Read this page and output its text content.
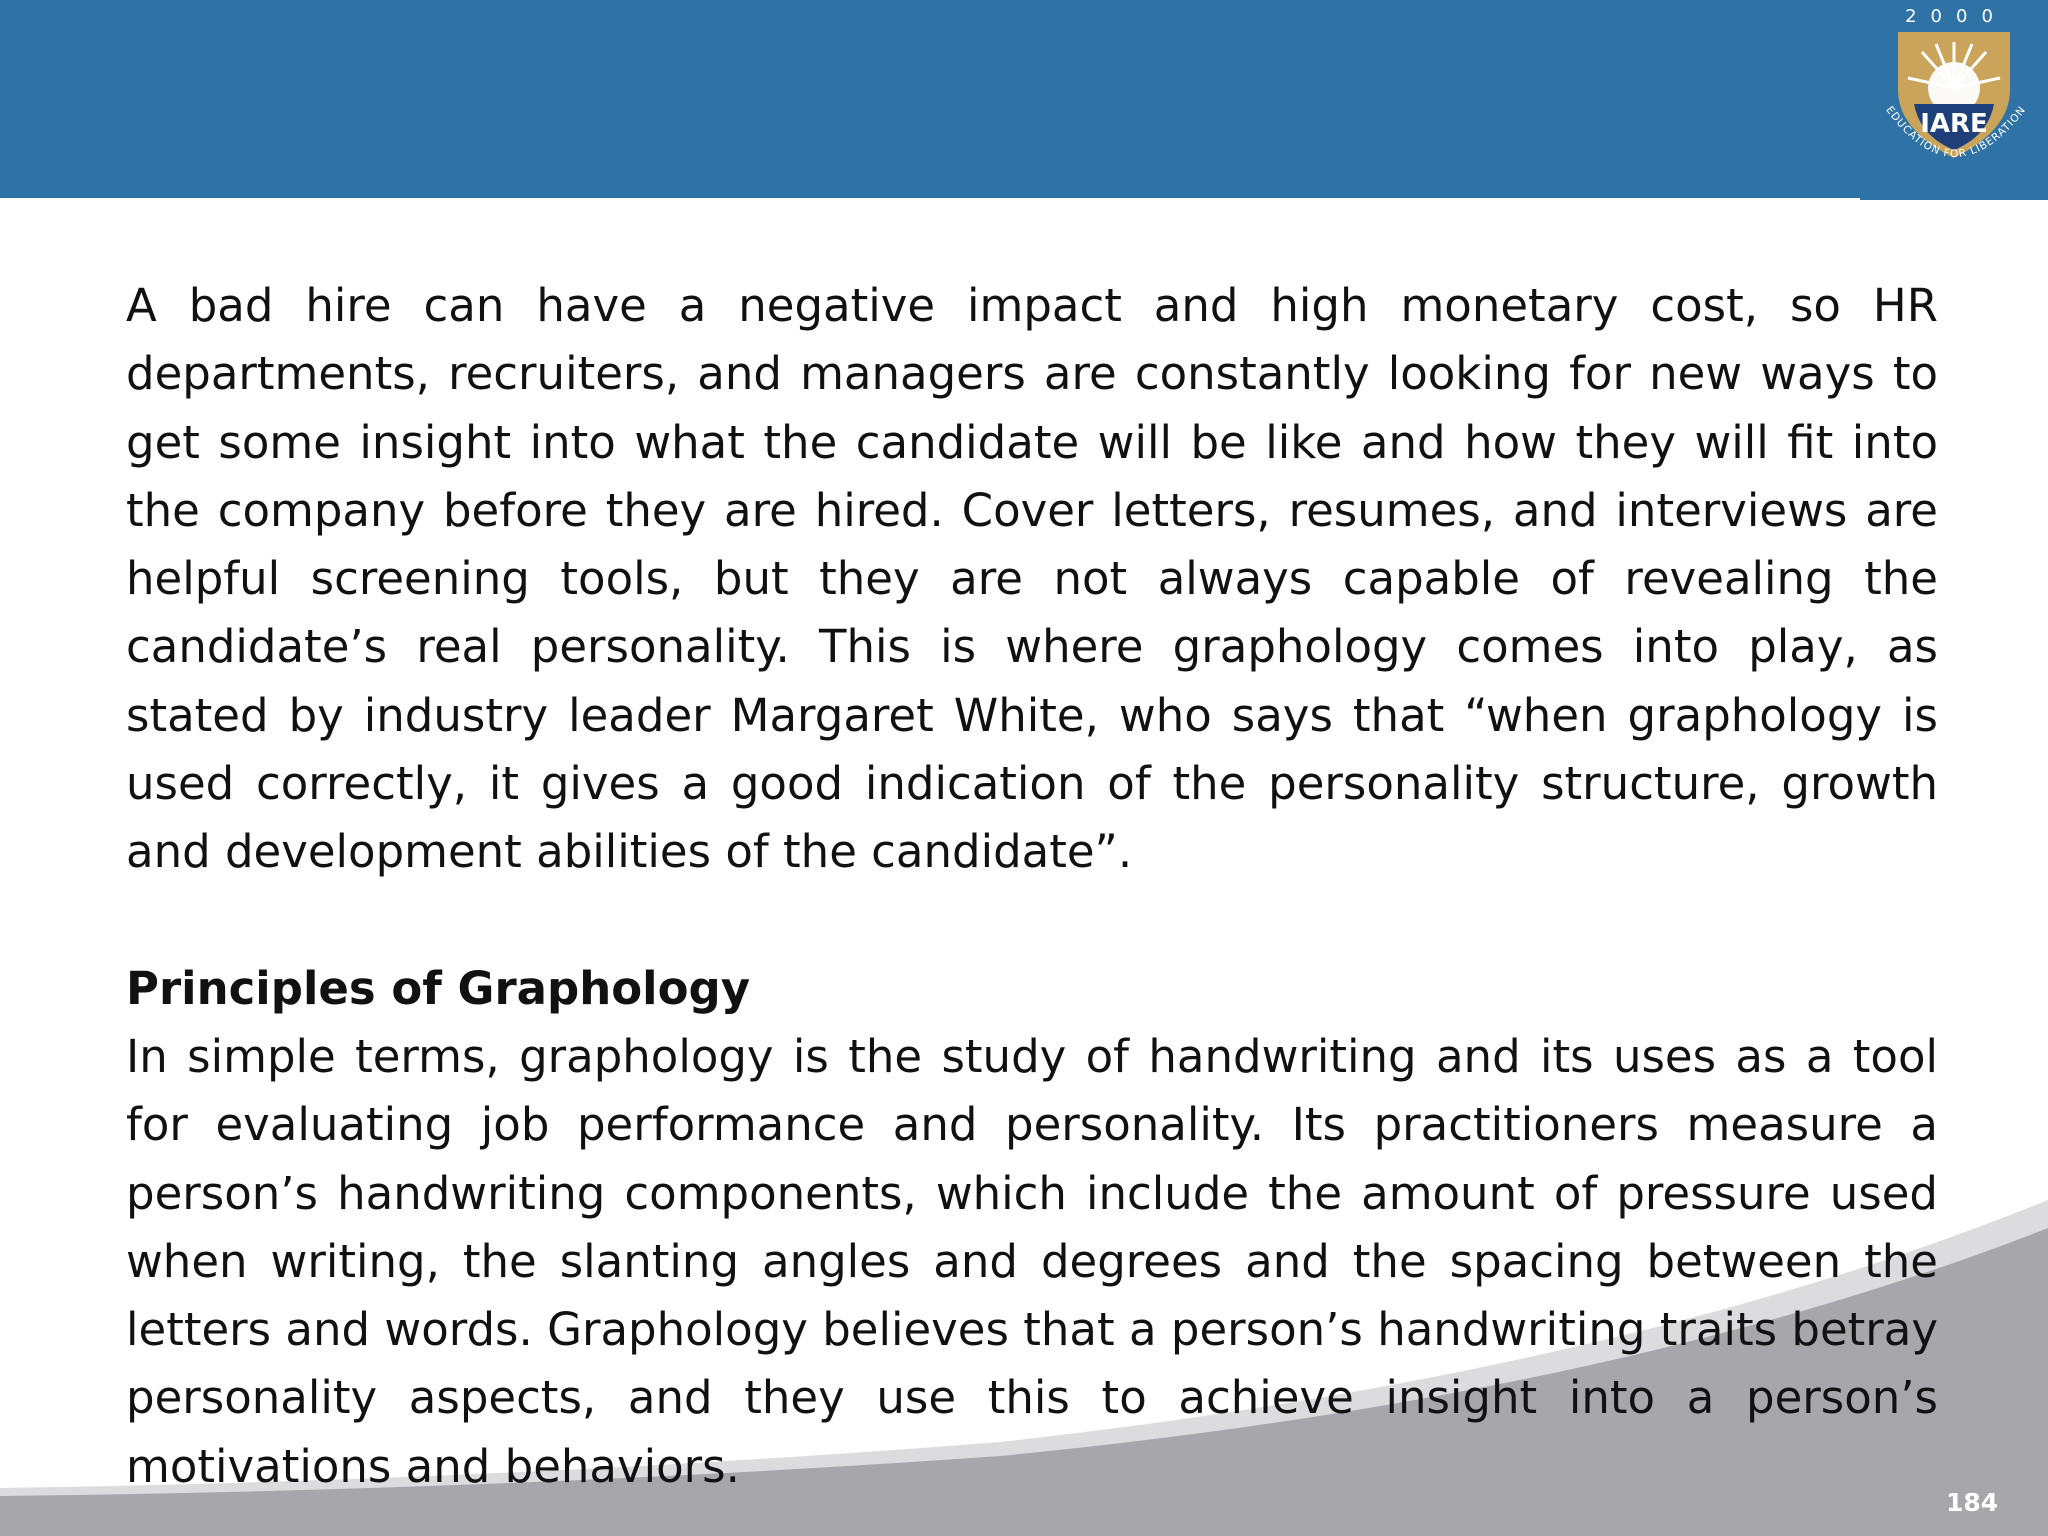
2000
IARE
EDUCATION FOR LIBERATION

A bad hire can have a negative impact and high monetary cost, so HR departments, recruiters, and managers are constantly looking for new ways to get some insight into what the candidate will be like and how they will fit into the company before they are hired. Cover letters, resumes, and interviews are helpful screening tools, but they are not always capable of revealing the candidate’s real personality. This is where graphology comes into play, as stated by industry leader Margaret White, who says that “when graphology is used correctly, it gives a good indication of the personality structure, growth and development abilities of the candidate”.

Principles of Graphology

In simple terms, graphology is the study of handwriting and its uses as a tool for evaluating job performance and personality. Its practitioners measure a person’s handwriting components, which include the amount of pressure used when writing, the slanting angles and degrees and the spacing between the letters and words. Graphology believes that a person’s handwriting traits betray personality aspects, and they use this to achieve insight into a person’s motivations and behaviors.

184
